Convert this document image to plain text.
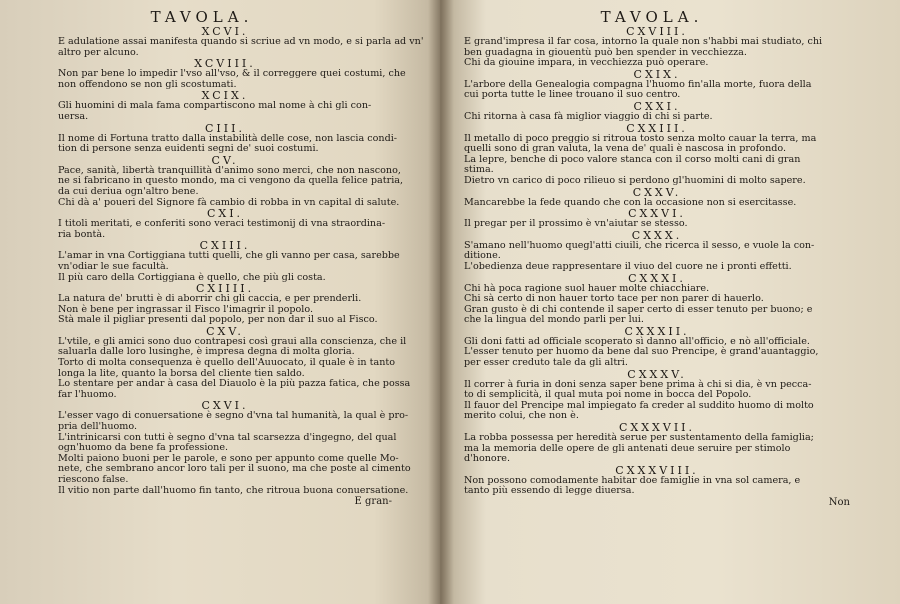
TAVOLA.
XCVI.
E adulatione assai manifesta quando si scriue ad vn modo, e si parla ad vn'
altro per alcuno.
XCVIII.
Non par bene lo impedir l'vso all'vso, & il correggere quei costumi, che
non offendono se non gli scostumati.
XCIX.
Gli huomini di mala fama compartiscono mal nome à chi gli con-
uersa.
CIII.
Il nome di Fortuna tratto dalla instabilità delle cose, non lascia condi-
tion di persone senza euidenti segni de' suoi costumi.
CV.
Pace, sanità, libertà tranquillità d'animo sono merci, che non nascono,
ne si fabricano in questo mondo, ma ci vengono da quella felice patria,
da cui deriua ogn'altro bene.
Chi dà a' poueri del Signore fà cambio di robba in vn capital di salute.
CXI.
I titoli meritati, e conferiti sono veraci testimonij di vna straordina-
ria bontà.
CXIII.
L'amar in vna Cortiggiana tutti quelli, che gli vanno per casa, sarebbe
vn'odiar le sue facultà.
Il più caro della Cortiggiana è quello, che più gli costa.
CXIIII.
La natura de' brutti è di aborrir chi gli caccia, e per prenderli.
Non è bene per ingrassar il Fisco l'imagrir il popolo.
Stà male il pigliar presenti dal popolo, per non dar il suo al Fisco.
CXV.
L'vtile, e gli amici sono duo contrapesi così graui alla conscienza, che il
saluarla dalle loro lusinghe, è impresa degna di molta gloria.
Torto di molta consequenza è quello dell'Auuocato, il quale è in tanto
longa la lite, quanto la borsa del cliente tien saldo.
Lo stentare per andar à casa del Diauolo è la più pazza fatica, che possa
far l'huomo.
CXVI.
L'esser vago di conuersatione è segno d'vna tal humanità, la qual è pro-
pria dell'huomo.
L'intrinicarsi con tutti è segno d'vna tal scarsezza d'ingegno, del qual
ogn'huomo da bene fa professione.
Molti paiono buoni per le parole, e sono per appunto come quelle Mo-
nete, che sembrano ancor loro tali per il suono, ma che poste al cimento
riescono false.
Il vitio non parte dall'huomo fin tanto, che ritroua buona conuersatione.
E gran-
TAVOLA.
CXVIII.
E grand'impresa il far cosa, intorno la quale non s'habbi mai studiato, chi
ben guadagna in giouentù può ben spender in vecchiezza.
Chi da giouine impara, in vecchiezza può operare.
CXIX.
L'arbore della Genealogia compagna l'huomo fin'alla morte, fuora della
cui porta tutte le linee trouano il suo centro.
CXXI.
Chi ritorna à casa fà miglior viaggio di chi si parte.
CXXIII.
Il metallo di poco preggio si ritroua tosto senza molto cauar la terra, ma
quelli sono di gran valuta, la vena de' quali è nascosa in profondo.
La lepre, benche di poco valore stanca con il corso molti cani di gran
stima.
Dietro vn carico di poco rilieuo si perdono gl'huomini di molto sapere.
CXXV.
Mancarebbe la fede quando che con la occasione non si esercitasse.
CXXVI.
Il pregar per il prossimo è vn'aiutar se stesso.
CXXX.
S'amano nell'huomo quegl'atti ciuili, che ricerca il sesso, e vuole la con-
ditione.
L'obedienza deue rappresentare il viuo del cuore ne i pronti effetti.
CXXXI.
Chi hà poca ragione suol hauer molte chiacchiare.
Chi sà certo di non hauer torto tace per non parer di hauerlo.
Gran gusto è di chi contende il saper certo di esser tenuto per buono; e
che la lingua del mondo parli per lui.
CXXXII.
Gli doni fatti ad officiale scoperato sì danno all'officio, e nò all'officiale.
L'esser tenuto per huomo da bene dal suo Prencipe, è grand'auantaggio,
per esser creduto tale da gli altri.
CXXXV.
Il correr à furia in doni senza saper bene prima à chi si dia, è vn pecca-
to di semplicità, il qual muta poi nome in bocca del Popolo.
Il fauor del Prencipe mal impiegato fa creder al suddito huomo di molto
merito colui, che non è.
CXXXVII.
La robba possessa per heredità serue per sustentamento della famiglia;
ma la memoria delle opere de gli antenati deue seruire per stimolo
d'honore.
CXXXVIII.
Non possono comodamente habitar doe famiglie in vna sol camera, e
tanto più essendo di legge diuersa.
Non
